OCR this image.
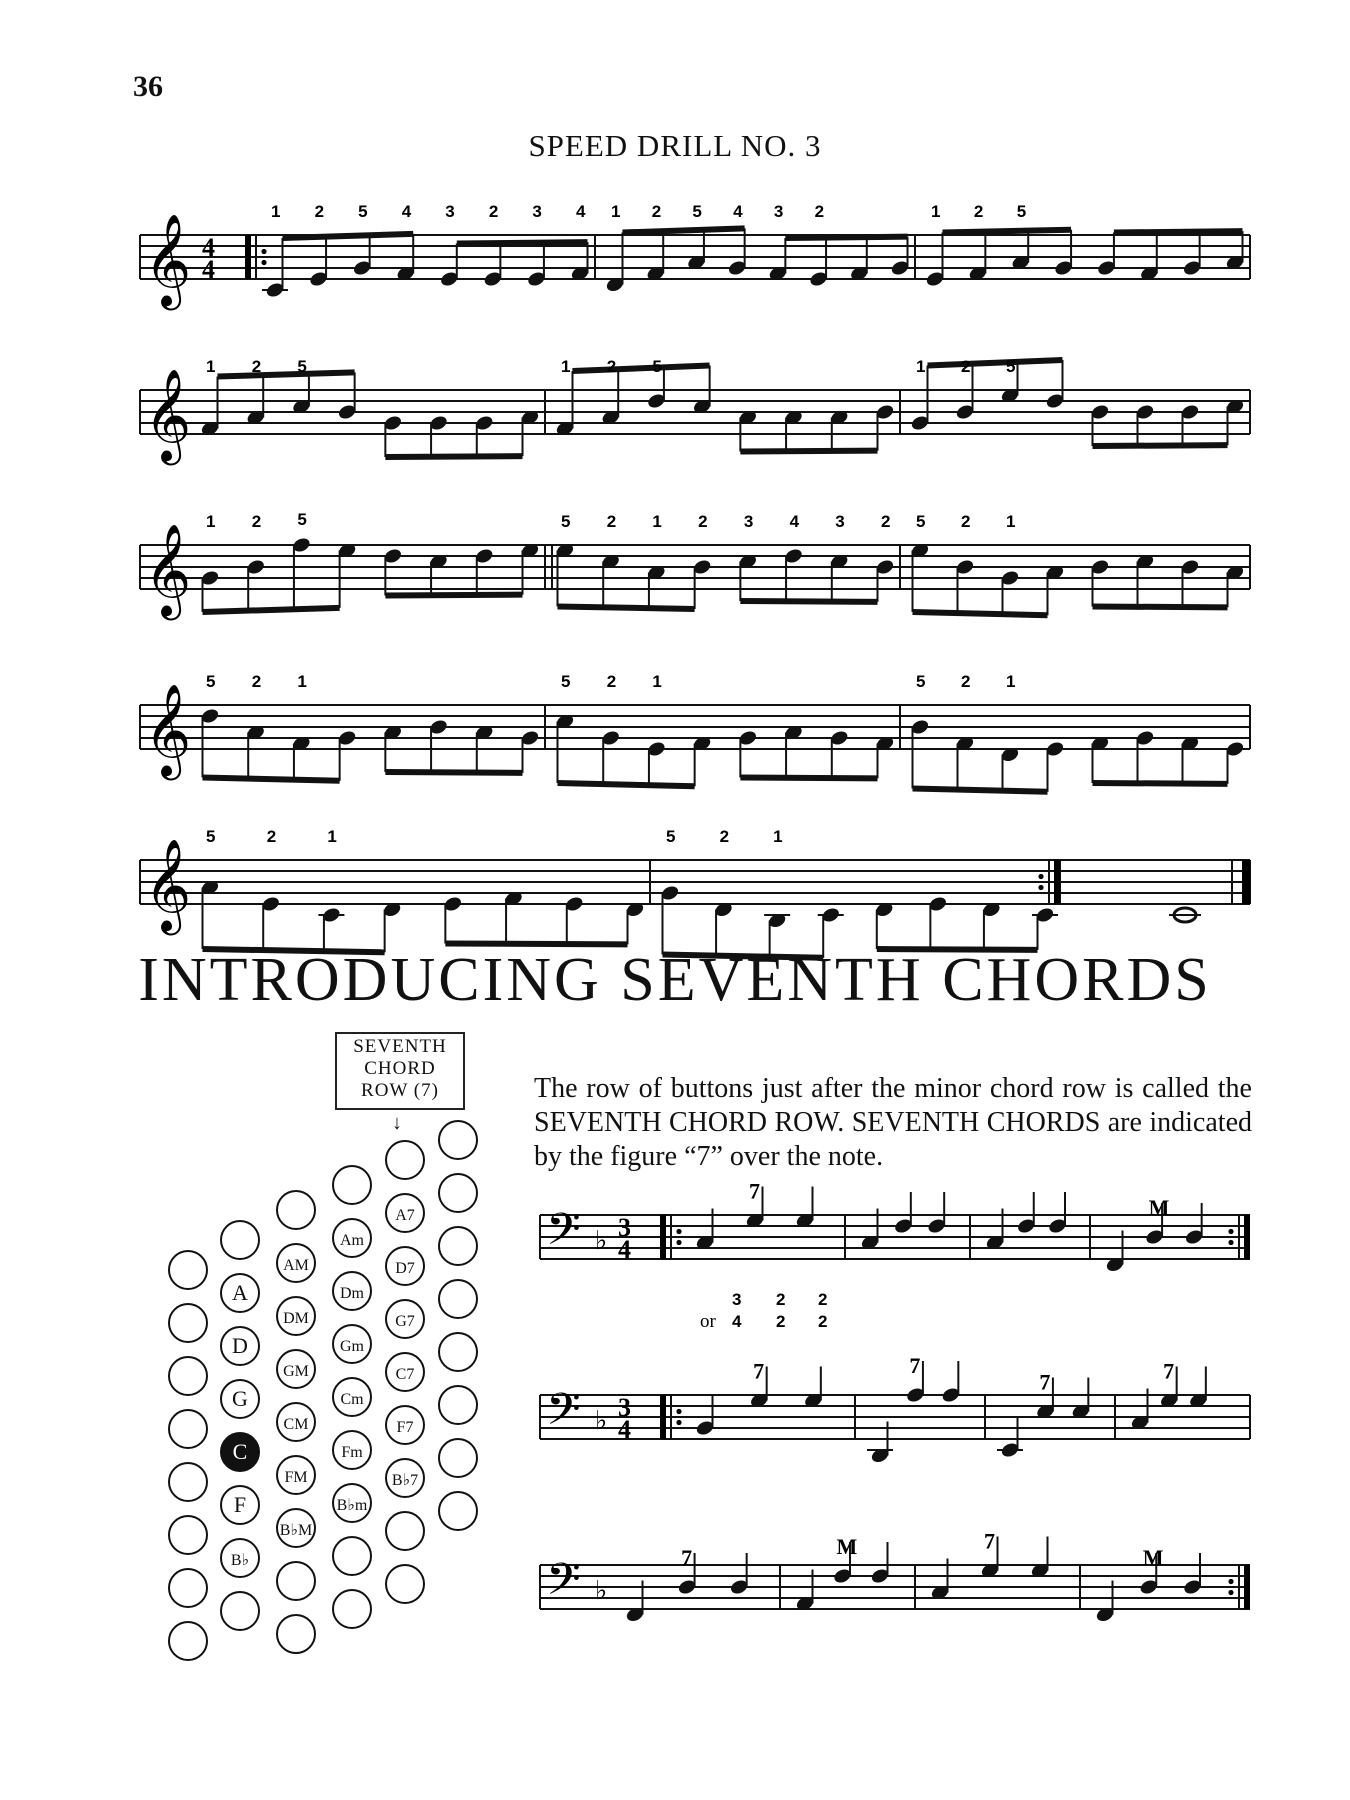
36
SPEED DRILL NO. 3
𝄞 4
4
1 2 5 4 3 2 3 4 1 2 5 4 3 2	1 2 5
𝄞
1 2 5	1 2 5	1 2 5
𝄞
1 2 5	5 2 1 2 3 4 3 2 5 2 1
𝄞
5 2 1	5 2 1	5 2 1
𝄞
5	2	1	5	2	1
𝄢 ♭ 3
4
7
M
𝄢 ♭ 3
4
7	7
7	7
𝄢 ♭
7	M	7
M
or
3 2 2
4 2 2
A
D
G
C
F
B♭
AM
DM
GM
CM
FM
B♭M
Am
Dm
Gm
Cm
Fm
B♭m
A7
D7
G7
C7
F7
B♭7
INTRODUCING SEVENTH CHORDS
SEVENTH
CHORD
ROW (7)
↓
The row of buttons just after the minor chord row is called the SEVENTH CHORD ROW. SEVENTH CHORDS are indicated by the figure “7” over the note.
